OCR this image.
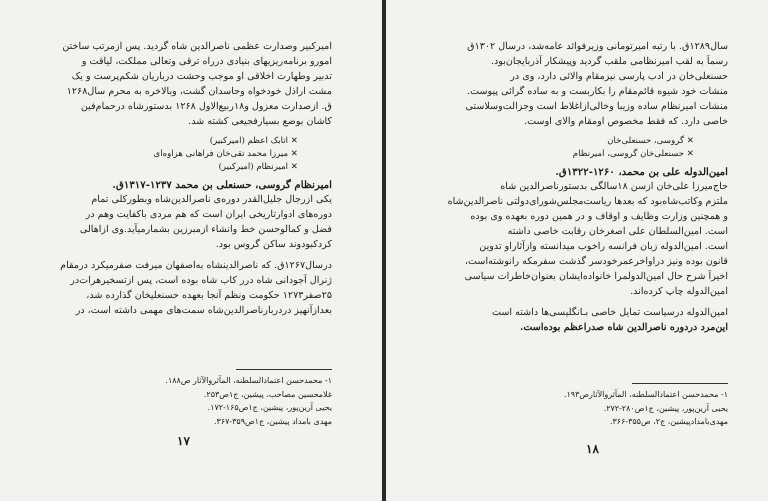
امیرکبیر وصدارت عظمی ناصرالدین شاه گردید. پس ازمرتب ساختن
امورو برنامه‌ریزیهای بنیادی درراه ترقی وتعالی مملکت، لیاقت و
تدبیر وطهارت اخلاقی او موجب وحشت درباریان شکم‌پرست و یک
مشت اراذل خودخواه وحاسدان گشت، وبالاخره به محرم سال۱۲۶۸
ق. ازصدارت معزول و۱۸ربیع‌الاول ۱۲۶۸ بدستورشاه درحمام‌فین
کاشان بوضع بسیارفجیعی کشته شد.
✕ اتابک اعظم (امیرکبیر)
✕ میرزا محمد تقی‌خان فراهانی هزاوه‌ای
✕ امیرنظام (امیرکبیر)
امیرنظام گروسی، حسنعلی بن محمد ۱۲۳۷-۱۳۱۷ق.
یکی ازرجال جلیل‌القدر دوره‌ی ناصرالدین‌شاه وبطورکلی تمام
دوره‌های ادوارتاریخی ایران است که هم مردی باکفایت وهم در
فضل و کمالوحسن خط وانشاء ازمبرزین بشمارمیآید.وی ازاهالی
کردکبودوند ساکن گروس بود.
درسال۱۲۶۷ق. که ناصرالدینشاه به‌اصفهان میرفت صفرمیکرد درمقام
ژنرال آجودانی شاه درر کاب شاه بوده است، پس ازتسخیرهرات‌در
۲۵صفر۱۲۷۳ حکومت ونظم آنجا بعهده حسنعلیخان گذارده شد،
بعدازآنهیز دردربارناصرالدین‌شاه سمت‌های مهمی داشته است، در
۱- محمدحسن اعتمادالسلطنه، المآثروالآثار ص۱۸۸.
غلامحسین مصاحب، پیشین، ج۱ص۲۵۳.
یحیی آرین‌پور، پیشین، ج۱ص۱۶۵-۱۷۲.
مهدی بامداد پیشین، ج۱ص۳۵۹-۳۶۷.
۱۷
سال۱۲۸۹ق. با رتبه امیرتومانی وزیرفوائد عامه‌شد، درسال ۱۳۰۲ق
رسماً به لقب امیرنظامی ملقب گردید وپیشکار آذربایجان‌بود.
حسنعلی‌خان در ادب پارسی نیزمقام والائی دارد، وی در
منشات خود شیوه قائم‌مقام را بکاربست و به ساده گرائی پیوست.
منشات امیرنظام ساده وزیبا وخالی‌ازاغلاط است وجزالت‌وسلاستی
خاصی دارد. که فقط مخصوص اومقام والای اوست.
✕ گروسی، حسنعلی‌خان
✕ حسنعلی‌خان گروسی، امیرنظام
امین‌الدوله علی بن محمد، ۱۲۶۰-۱۳۲۲ق.
حاج‌میرزا علی‌خان ازسن ۱۸سالگی بدستورناصرالدین شاه
ملتزم وکاتب‌شاه‌بود که بعدها ریاست‌مجلس‌شورای‌دولتی ناصرالدین‌شاه
و همچنین وزارت وظایف و اوقاف و در همین دوره بعهده وی بوده
است. امین‌السلطان علی اصغرخان رقابت خاصی داشته
است. امین‌الدوله زبان فرانسه راخوب میدانسته وازآثاراو تدوین
قانون بوده ونیز دراواخرعمرخودسر گذشت سفرمکه رانوشته‌است،
اخیراً شرح حال امین‌الدولمرا خانواده‌ایشان بعنوان‌خاطرات سیاسی
امین‌الدوله چاپ کرده‌اند.
امین‌الدوله درسیاست تمایل خاصی بـانگلیسی‌ها داشته است
این‌مرد دردوره ناصرالدین شاه صدراعظم بوده‌است.
۱- محمدحسن اعتمادالسلطنه، المآثروالآثارص۱۹۳.
یحیی آرین‌پور، پیشین، ج۱ص۲۸۰-۲۷۲.
مهدی‌بامدادپیشین، ج۲، ص۳۵۵-۳۶۶.
۱۸
